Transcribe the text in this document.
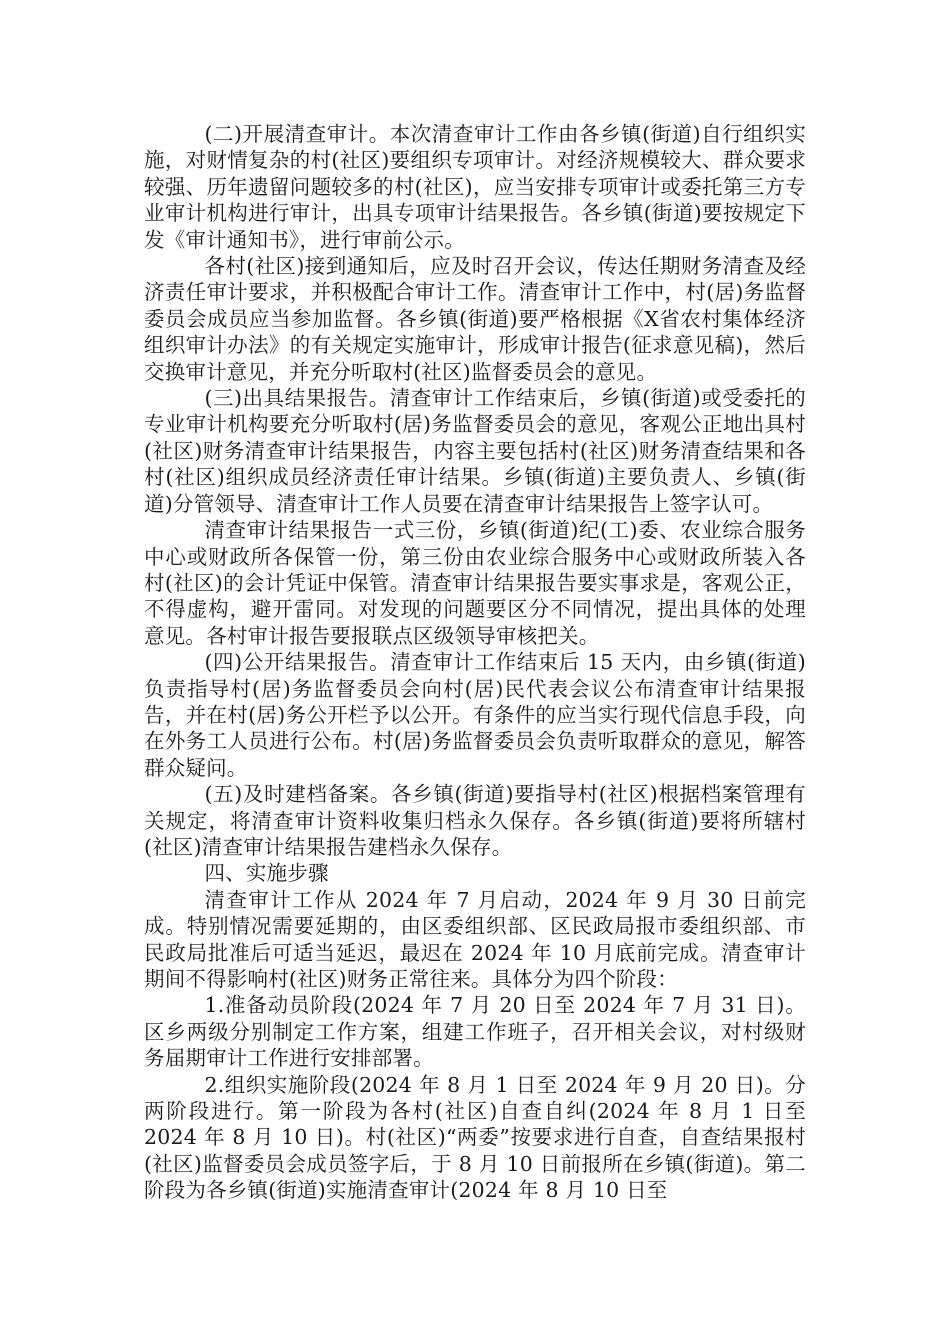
(二)开展清查审计。本次清查审计工作由各乡镇(街道)自行组织实施，对财情复杂的村(社区)要组织专项审计。对经济规模较大、群众要求较强、历年遗留问题较多的村(社区)，应当安排专项审计或委托第三方专业审计机构进行审计，出具专项审计结果报告。各乡镇(街道)要按规定下发《审计通知书》，进行审前公示。

各村(社区)接到通知后，应及时召开会议，传达任期财务清查及经济责任审计要求，并积极配合审计工作。清查审计工作中，村(居)务监督委员会成员应当参加监督。各乡镇(街道)要严格根据《X省农村集体经济组织审计办法》的有关规定实施审计，形成审计报告(征求意见稿)，然后交换审计意见，并充分听取村(社区)监督委员会的意见。

(三)出具结果报告。清查审计工作结束后，乡镇(街道)或受委托的专业审计机构要充分听取村(居)务监督委员会的意见，客观公正地出具村(社区)财务清查审计结果报告，内容主要包括村(社区)财务清查结果和各村(社区)组织成员经济责任审计结果。乡镇(街道)主要负责人、乡镇(街道)分管领导、清查审计工作人员要在清查审计结果报告上签字认可。

清查审计结果报告一式三份，乡镇(街道)纪(工)委、农业综合服务中心或财政所各保管一份，第三份由农业综合服务中心或财政所装入各村(社区)的会计凭证中保管。清查审计结果报告要实事求是，客观公正，不得虚构，避开雷同。对发现的问题要区分不同情况，提出具体的处理意见。各村审计报告要报联点区级领导审核把关。

(四)公开结果报告。清查审计工作结束后 15 天内，由乡镇(街道)负责指导村(居)务监督委员会向村(居)民代表会议公布清查审计结果报告，并在村(居)务公开栏予以公开。有条件的应当实行现代信息手段，向在外务工人员进行公布。村(居)务监督委员会负责听取群众的意见，解答群众疑问。

(五)及时建档备案。各乡镇(街道)要指导村(社区)根据档案管理有关规定，将清查审计资料收集归档永久保存。各乡镇(街道)要将所辖村(社区)清查审计结果报告建档永久保存。

四、实施步骤

清查审计工作从 2024 年 7 月启动，2024 年 9 月 30 日前完成。特别情况需要延期的，由区委组织部、区民政局报市委组织部、市民政局批准后可适当延迟，最迟在 2024 年 10 月底前完成。清查审计期间不得影响村(社区)财务正常往来。具体分为四个阶段：

1.准备动员阶段(2024 年 7 月 20 日至 2024 年 7 月 31 日)。区乡两级分别制定工作方案，组建工作班子，召开相关会议，对村级财务届期审计工作进行安排部署。

2.组织实施阶段(2024 年 8 月 1 日至 2024 年 9 月 20 日)。分两阶段进行。第一阶段为各村(社区)自查自纠(2024 年 8 月 1 日至 2024 年 8 月 10 日)。村(社区)“两委”按要求进行自查，自查结果报村(社区)监督委员会成员签字后，于 8 月 10 日前报所在乡镇(街道)。第二阶段为各乡镇(街道)实施清查审计(2024 年 8 月 10 日至
